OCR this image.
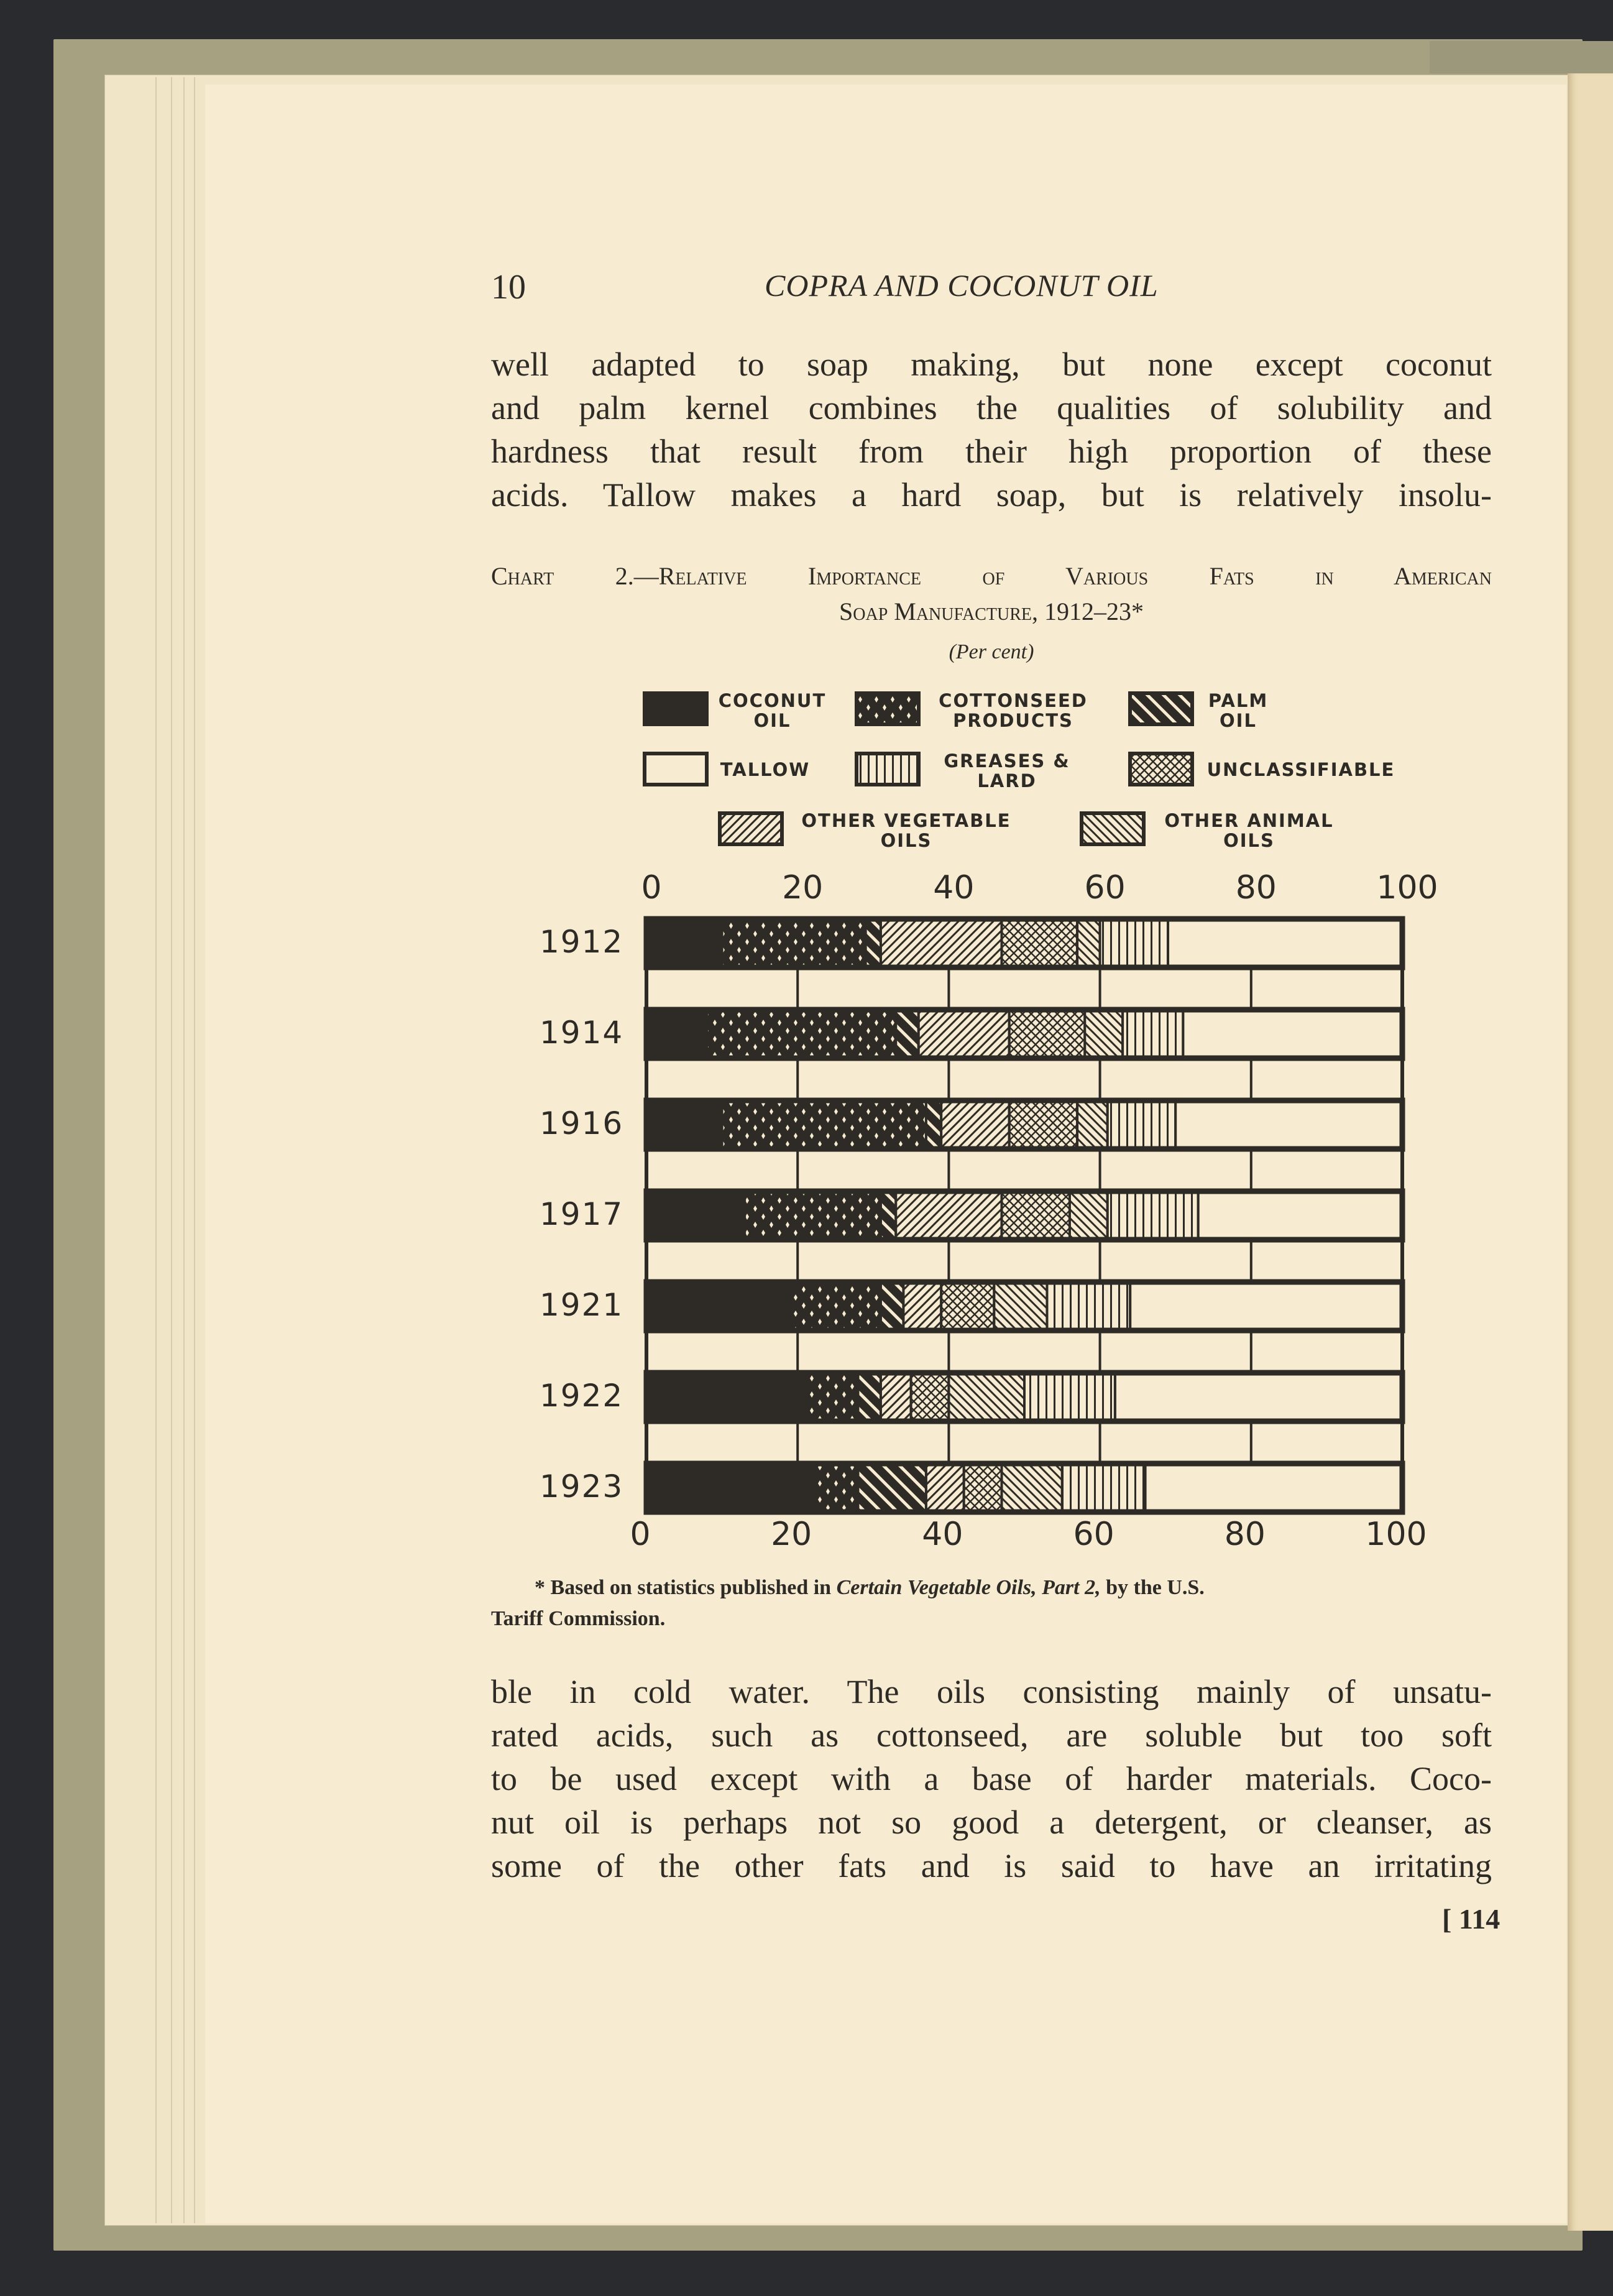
10	COPRA AND COCONUT OIL
well adapted to soap making, but none except coconut
and palm kernel combines the qualities of solubility and
hardness that result from their high proportion of these
acids. Tallow makes a hard soap, but is relatively insolu-
Chart 2.—Relative Importance of Various Fats in American
Soap Manufacture, 1912–23*
(Per cent)
COCONUT
OIL
COTTONSEED
PRODUCTS
PALM
OIL
TALLOW	GREASES &
LARD
UNCLASSIFIABLE
OTHER VEGETABLE
OILS
OTHER ANIMAL
OILS
0
0
20
20
40
40
60
60
80
80
100
100
1912
1914
1916
1917
1921
1922
1923
* Based on statistics published in Certain Vegetable Oils, Part 2, by the U.S.
Tariff Commission.
ble in cold water. The oils consisting mainly of unsatu-
rated acids, such as cottonseed, are soluble but too soft
to be used except with a base of harder materials. Coco-
nut oil is perhaps not so good a detergent, or cleanser, as
some of the other fats and is said to have an irritating
[ 114
